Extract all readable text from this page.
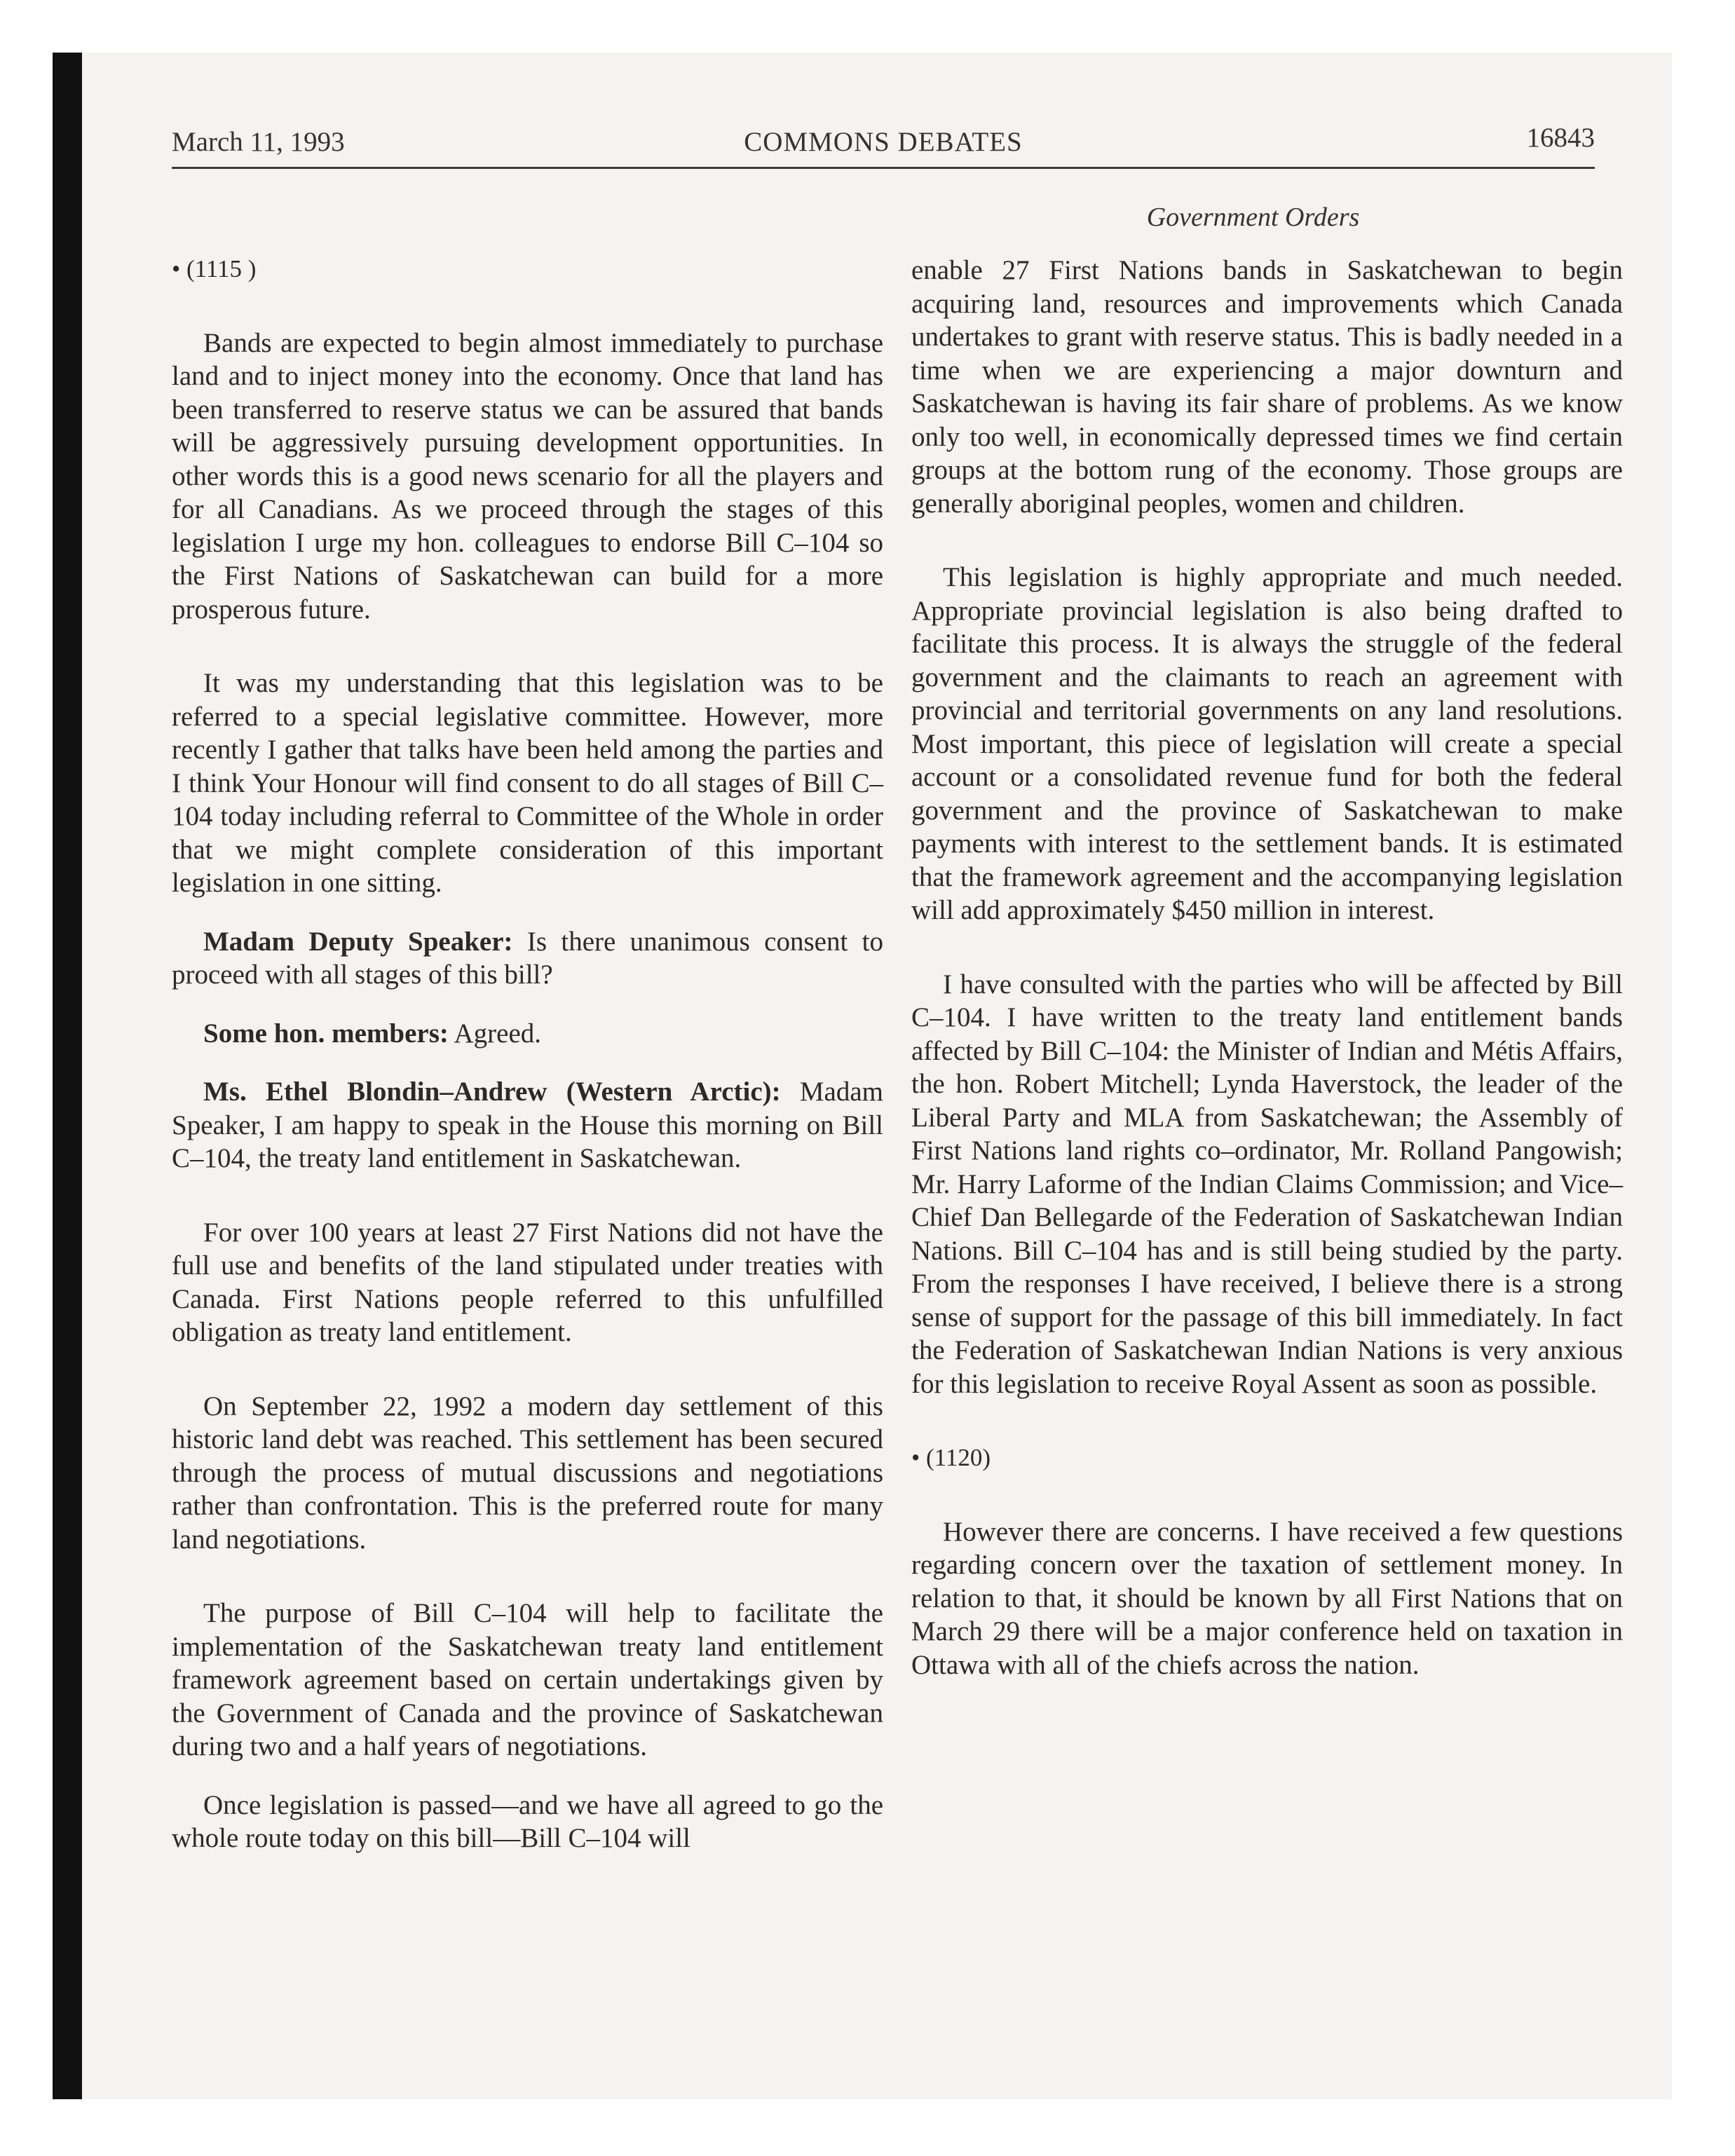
March 11, 1993	COMMONS DEBATES	16843
Government Orders

• (1115 )

Bands are expected to begin almost immediately to purchase land and to inject money into the economy. Once that land has been transferred to reserve status we can be assured that bands will be aggressively pursuing development opportunities. In other words this is a good news scenario for all the players and for all Canadians. As we proceed through the stages of this legislation I urge my hon. colleagues to endorse Bill C–104 so the First Nations of Saskatchewan can build for a more prosperous future.

It was my understanding that this legislation was to be referred to a special legislative committee. However, more recently I gather that talks have been held among the parties and I think Your Honour will find consent to do all stages of Bill C–104 today including referral to Committee of the Whole in order that we might complete consideration of this important legislation in one sitting.

Madam Deputy Speaker: Is there unanimous consent to proceed with all stages of this bill?

Some hon. members: Agreed.

Ms. Ethel Blondin–Andrew (Western Arctic): Madam Speaker, I am happy to speak in the House this morning on Bill C–104, the treaty land entitlement in Saskatchewan.

For over 100 years at least 27 First Nations did not have the full use and benefits of the land stipulated under treaties with Canada. First Nations people referred to this unfulfilled obligation as treaty land entitlement.

On September 22, 1992 a modern day settlement of this historic land debt was reached. This settlement has been secured through the process of mutual discussions and negotiations rather than confrontation. This is the preferred route for many land negotiations.

The purpose of Bill C–104 will help to facilitate the implementation of the Saskatchewan treaty land entitlement framework agreement based on certain undertakings given by the Government of Canada and the province of Saskatchewan during two and a half years of negotiations.

Once legislation is passed—and we have all agreed to go the whole route today on this bill—Bill C–104 will

enable 27 First Nations bands in Saskatchewan to begin acquiring land, resources and improvements which Canada undertakes to grant with reserve status. This is badly needed in a time when we are experiencing a major downturn and Saskatchewan is having its fair share of problems. As we know only too well, in economically depressed times we find certain groups at the bottom rung of the economy. Those groups are generally aboriginal peoples, women and children.

This legislation is highly appropriate and much needed. Appropriate provincial legislation is also being drafted to facilitate this process. It is always the struggle of the federal government and the claimants to reach an agreement with provincial and territorial governments on any land resolutions. Most important, this piece of legislation will create a special account or a consolidated revenue fund for both the federal government and the province of Saskatchewan to make payments with interest to the settlement bands. It is estimated that the framework agreement and the accompanying legislation will add approximately $450 million in interest.

I have consulted with the parties who will be affected by Bill C–104. I have written to the treaty land entitlement bands affected by Bill C–104: the Minister of Indian and Métis Affairs, the hon. Robert Mitchell; Lynda Haverstock, the leader of the Liberal Party and MLA from Saskatchewan; the Assembly of First Nations land rights co–ordinator, Mr. Rolland Pangowish; Mr. Harry Laforme of the Indian Claims Commission; and Vice–Chief Dan Bellegarde of the Federation of Saskatchewan Indian Nations. Bill C–104 has and is still being studied by the party. From the responses I have received, I believe there is a strong sense of support for the passage of this bill immediately. In fact the Federation of Saskatchewan Indian Nations is very anxious for this legislation to receive Royal Assent as soon as possible.

• (1120)

However there are concerns. I have received a few questions regarding concern over the taxation of settlement money. In relation to that, it should be known by all First Nations that on March 29 there will be a major conference held on taxation in Ottawa with all of the chiefs across the nation.
